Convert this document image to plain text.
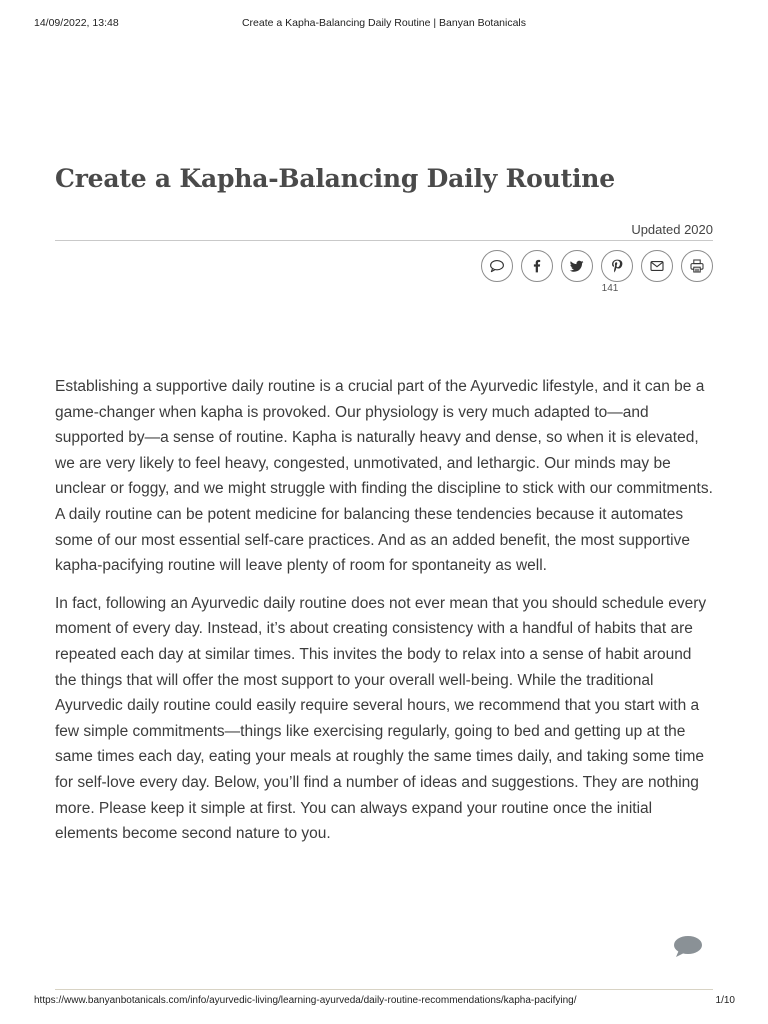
14/09/2022, 13:48	Create a Kapha-Balancing Daily Routine | Banyan Botanicals
Create a Kapha-Balancing Daily Routine
Updated 2020
141

Establishing a supportive daily routine is a crucial part of the Ayurvedic lifestyle, and it can be a game-changer when kapha is provoked. Our physiology is very much adapted to—and supported by—a sense of routine. Kapha is naturally heavy and dense, so when it is elevated, we are very likely to feel heavy, congested, unmotivated, and lethargic. Our minds may be unclear or foggy, and we might struggle with finding the discipline to stick with our commitments. A daily routine can be potent medicine for balancing these tendencies because it automates some of our most essential self-care practices. And as an added benefit, the most supportive kapha-pacifying routine will leave plenty of room for spontaneity as well.

In fact, following an Ayurvedic daily routine does not ever mean that you should schedule every moment of every day. Instead, it’s about creating consistency with a handful of habits that are repeated each day at similar times. This invites the body to relax into a sense of habit around the things that will offer the most support to your overall well-being. While the traditional Ayurvedic daily routine could easily require several hours, we recommend that you start with a few simple commitments—things like exercising regularly, going to bed and getting up at the same times each day, eating your meals at roughly the same times daily, and taking some time for self-love every day. Below, you’ll find a number of ideas and suggestions. They are nothing more. Please keep it simple at first. You can always expand your routine once the initial elements become second nature to you.

https://www.banyanbotanicals.com/info/ayurvedic-living/learning-ayurveda/daily-routine-recommendations/kapha-pacifying/	1/10
